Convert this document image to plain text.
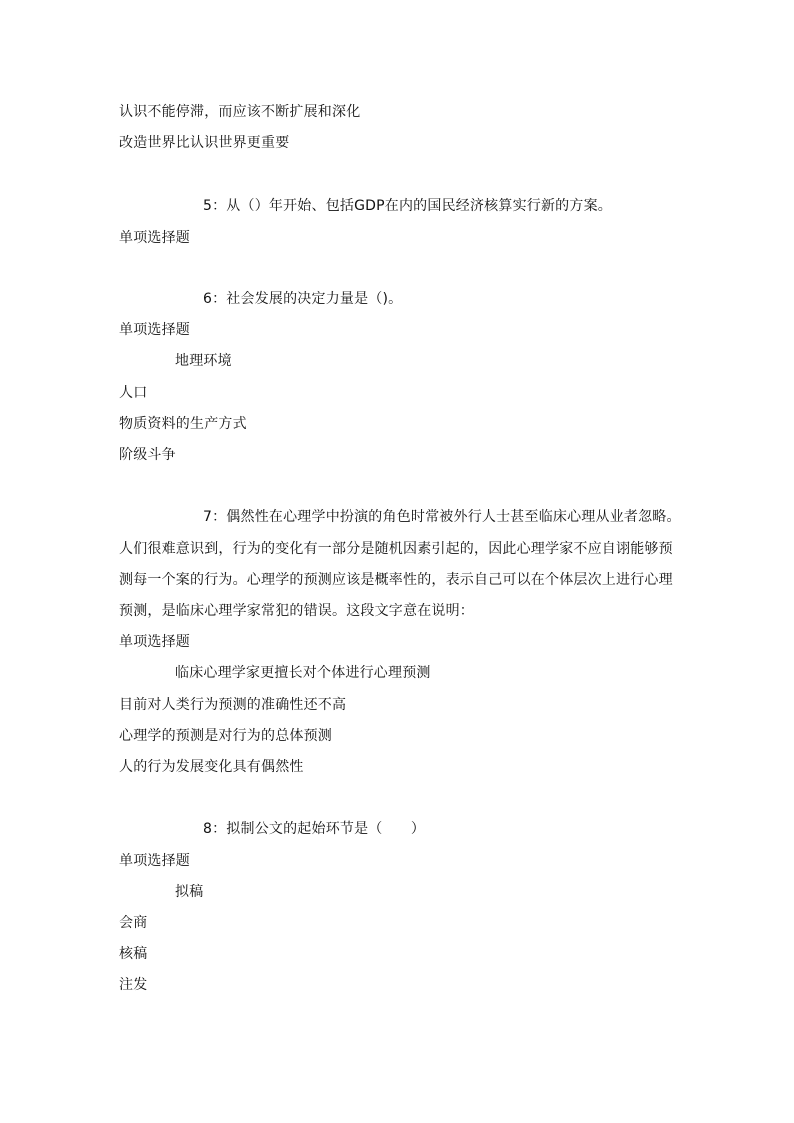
认识不能停滞，而应该不断扩展和深化
改造世界比认识世界更重要
5：从（）年开始、包括GDP在内的国民经济核算实行新的方案。
单项选择题
6：社会发展的决定力量是（)。
单项选择题
地理环境
人口
物质资料的生产方式
阶级斗争
7：偶然性在心理学中扮演的角色时常被外行人士甚至临床心理从业者忽略。
人们很难意识到，行为的变化有一部分是随机因素引起的，因此心理学家不应自诩能够预
测每一个案的行为。心理学的预测应该是概率性的，表示自己可以在个体层次上进行心理
预测，是临床心理学家常犯的错误。这段文字意在说明：
单项选择题
临床心理学家更擅长对个体进行心理预测
目前对人类行为预测的准确性还不高
心理学的预测是对行为的总体预测
人的行为发展变化具有偶然性
8：拟制公文的起始环节是（　　）
单项选择题
拟稿
会商
核稿
注发
